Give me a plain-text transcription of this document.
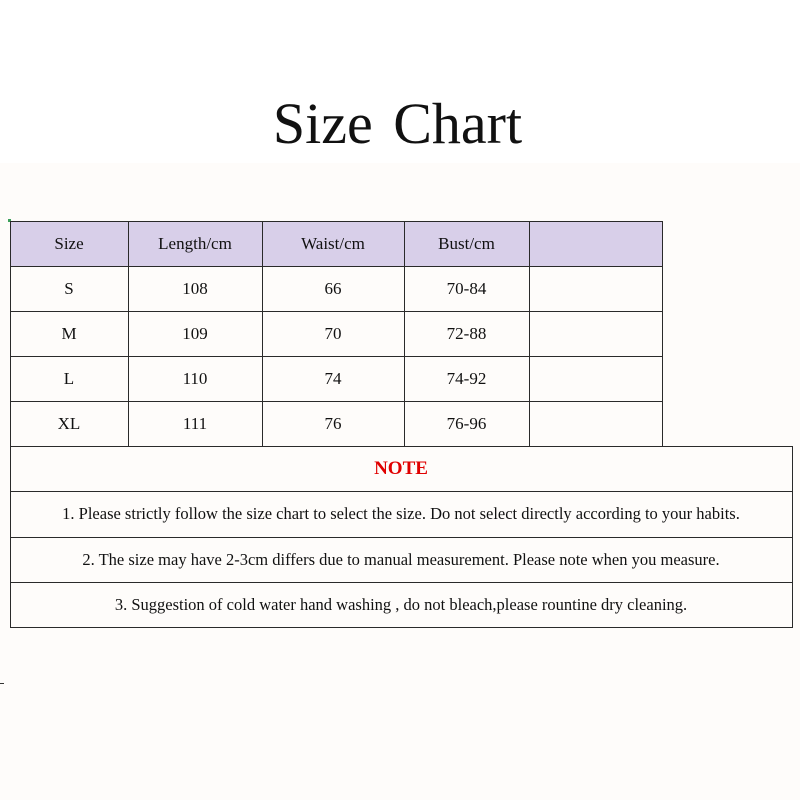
Size Chart
Size	Length/cm	Waist/cm	Bust/cm
S	108	66	70-84
M	109	70	72-88
L	110	74	74-92
XL	111	76	76-96
NOTE
1. Please strictly follow the size chart to select the size. Do not select directly according to your habits.
2. The size may have 2-3cm differs due to manual measurement. Please note when you measure.
3. Suggestion of cold water hand washing , do not bleach,please rountine dry cleaning.
